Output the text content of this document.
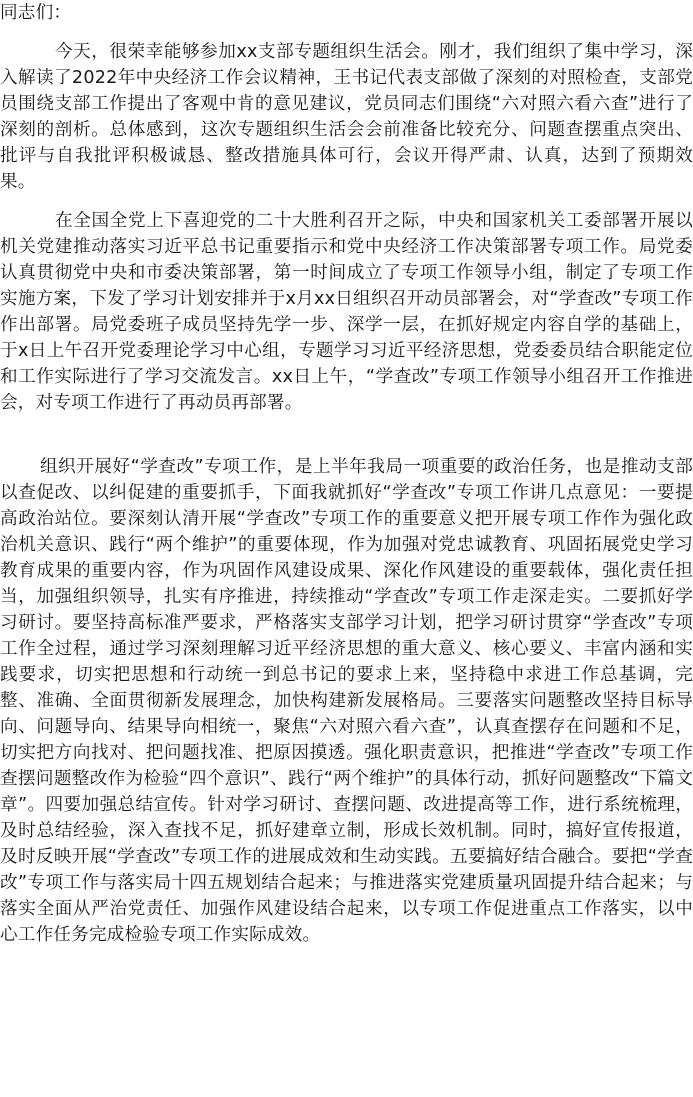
同志们：

今天，很荣幸能够参加xx支部专题组织生活会。刚才，我们组织了集中学习，深入解读了2022年中央经济工作会议精神，王书记代表支部做了深刻的对照检查，支部党员围绕支部工作提出了客观中肯的意见建议，党员同志们围绕“六对照六看六查”进行了深刻的剖析。总体感到，这次专题组织生活会会前准备比较充分、问题查摆重点突出、批评与自我批评积极诚恳、整改措施具体可行，会议开得严肃、认真，达到了预期效果。

在全国全党上下喜迎党的二十大胜利召开之际，中央和国家机关工委部署开展以机关党建推动落实习近平总书记重要指示和党中央经济工作决策部署专项工作。局党委认真贯彻党中央和市委决策部署，第一时间成立了专项工作领导小组，制定了专项工作实施方案，下发了学习计划安排并于x月xx日组织召开动员部署会，对“学查改”专项工作作出部署。局党委班子成员坚持先学一步、深学一层，在抓好规定内容自学的基础上，于x日上午召开党委理论学习中心组，专题学习习近平经济思想，党委委员结合职能定位和工作实际进行了学习交流发言。xx日上午，“学查改”专项工作领导小组召开工作推进会，对专项工作进行了再动员再部署。

组织开展好“学查改”专项工作，是上半年我局一项重要的政治任务，也是推动支部以查促改、以纠促建的重要抓手，下面我就抓好“学查改”专项工作讲几点意见：一要提高政治站位。要深刻认清开展“学查改”专项工作的重要意义把开展专项工作作为强化政治机关意识、践行“两个维护”的重要体现，作为加强对党忠诚教育、巩固拓展党史学习教育成果的重要内容，作为巩固作风建设成果、深化作风建设的重要载体，强化责任担当，加强组织领导，扎实有序推进，持续推动“学查改”专项工作走深走实。二要抓好学习研讨。要坚持高标准严要求，严格落实支部学习计划，把学习研讨贯穿“学查改”专项工作全过程，通过学习深刻理解习近平经济思想的重大意义、核心要义、丰富内涵和实践要求，切实把思想和行动统一到总书记的要求上来，坚持稳中求进工作总基调，完整、准确、全面贯彻新发展理念，加快构建新发展格局。三要落实问题整改坚持目标导向、问题导向、结果导向相统一，聚焦“六对照六看六查”，认真查摆存在问题和不足，切实把方向找对、把问题找准、把原因摸透。强化职责意识，把推进“学查改”专项工作查摆问题整改作为检验“四个意识”、践行“两个维护”的具体行动，抓好问题整改“下篇文章”。四要加强总结宣传。针对学习研讨、查摆问题、改进提高等工作，进行系统梳理，及时总结经验，深入查找不足，抓好建章立制，形成长效机制。同时，搞好宣传报道，及时反映开展“学查改”专项工作的进展成效和生动实践。五要搞好结合融合。要把“学查改”专项工作与落实局十四五规划结合起来；与推进落实党建质量巩固提升结合起来；与落实全面从严治党责任、加强作风建设结合起来，以专项工作促进重点工作落实，以中心工作任务完成检验专项工作实际成效。
